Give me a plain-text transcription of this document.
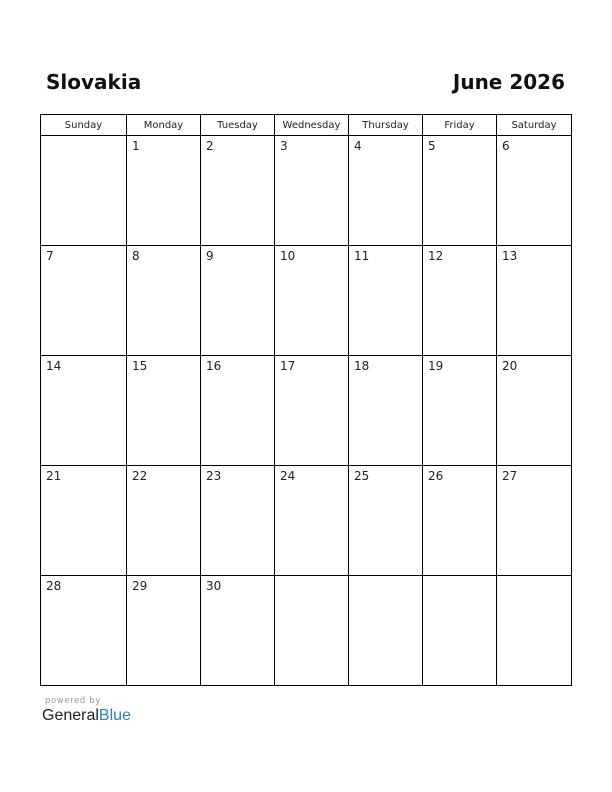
Slovakia	June 2026
Sunday	Monday	Tuesday	Wednesday	Thursday	Friday	Saturday

	1	2	3	4	5	6

7	8	9	10	11	12	13

14	15	16	17	18	19	20

21	22	23	24	25	26	27

28	29	30				

powered by
GeneralBlue
